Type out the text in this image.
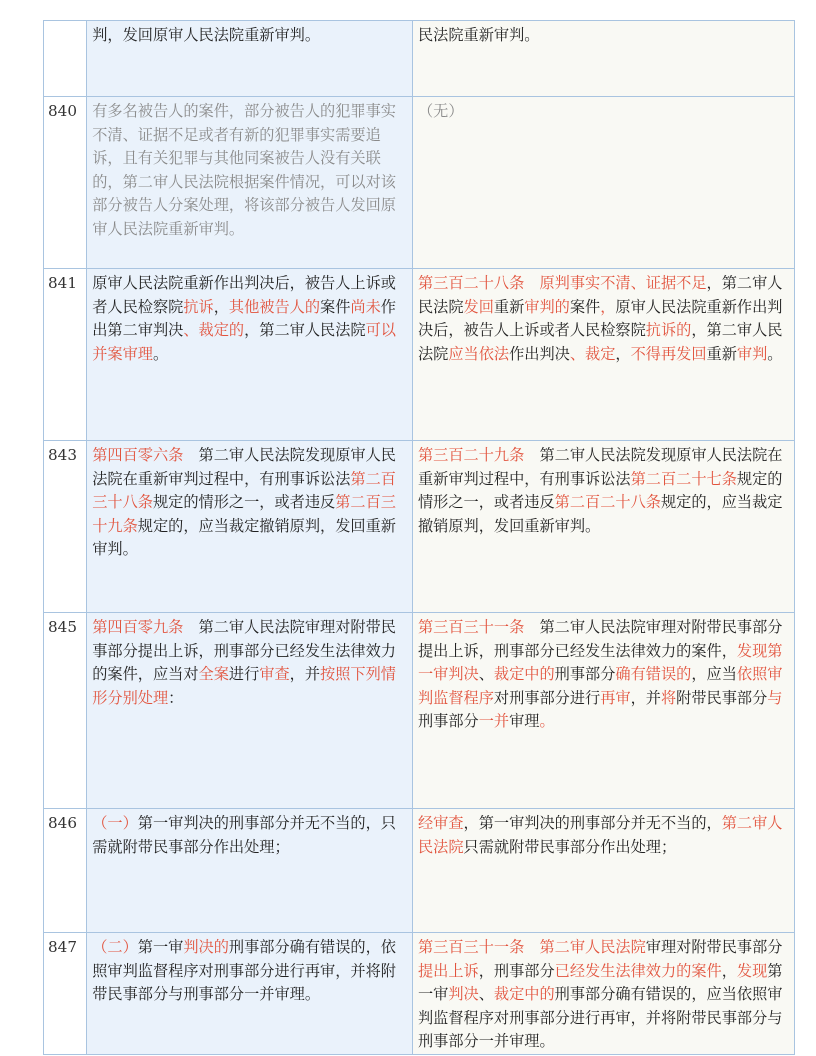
	判，发回原审人民法院重新审判。	民法院重新审判。
840	有多名被告人的案件，部分被告人的犯罪事实不清、证据不足或者有新的犯罪事实需要追诉，且有关犯罪与其他同案被告人没有关联的，第二审人民法院根据案件情况，可以对该部分被告人分案处理，将该部分被告人发回原审人民法院重新审判。	（无）
841	原审人民法院重新作出判决后，被告人上诉或者人民检察院抗诉，其他被告人的案件尚未作出第二审判决、裁定的，第二审人民法院可以并案审理。	第三百二十八条　原判事实不清、证据不足，第二审人民法院发回重新审判的案件，原审人民法院重新作出判决后，被告人上诉或者人民检察院抗诉的，第二审人民法院应当依法作出判决、裁定，不得再发回重新审判。
843	第四百零六条　第二审人民法院发现原审人民法院在重新审判过程中，有刑事诉讼法第二百三十八条规定的情形之一，或者违反第二百三十九条规定的，应当裁定撤销原判，发回重新审判。	第三百二十九条　第二审人民法院发现原审人民法院在重新审判过程中，有刑事诉讼法第二百二十七条规定的情形之一，或者违反第二百二十八条规定的，应当裁定撤销原判，发回重新审判。
845	第四百零九条　第二审人民法院审理对附带民事部分提出上诉，刑事部分已经发生法律效力的案件，应当对全案进行审查，并按照下列情形分别处理：	第三百三十一条　第二审人民法院审理对附带民事部分提出上诉，刑事部分已经发生法律效力的案件，发现第一审判决、裁定中的刑事部分确有错误的，应当依照审判监督程序对刑事部分进行再审，并将附带民事部分与刑事部分一并审理。
846	（一）第一审判决的刑事部分并无不当的，只需就附带民事部分作出处理；	经审查，第一审判决的刑事部分并无不当的，第二审人民法院只需就附带民事部分作出处理；
847	（二）第一审判决的刑事部分确有错误的，依照审判监督程序对刑事部分进行再审，并将附带民事部分与刑事部分一并审理。	第三百三十一条　第二审人民法院审理对附带民事部分提出上诉，刑事部分已经发生法律效力的案件，发现第一审判决、裁定中的刑事部分确有错误的，应当依照审判监督程序对刑事部分进行再审，并将附带民事部分与刑事部分一并审理。
